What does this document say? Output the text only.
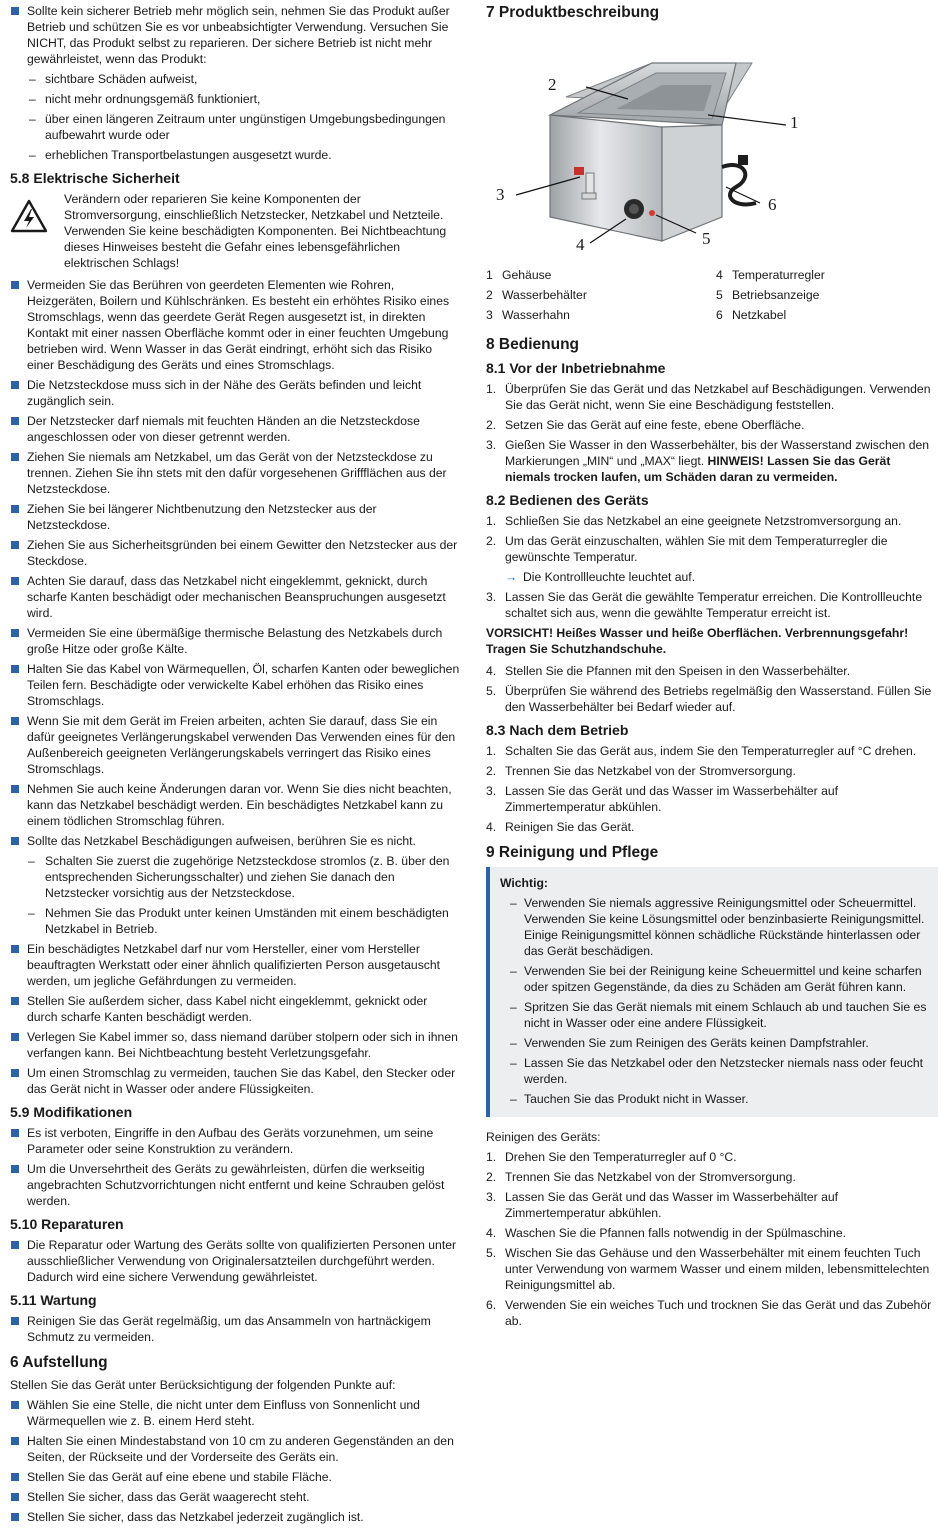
Sollte kein sicherer Betrieb mehr möglich sein, nehmen Sie das Produkt außer Betrieb und schützen Sie es vor unbeabsichtigter Verwendung. Versuchen Sie NICHT, das Produkt selbst zu reparieren. Der sichere Betrieb ist nicht mehr gewährleistet, wenn das Produkt:
– sichtbare Schäden aufweist,
– nicht mehr ordnungsgemäß funktioniert,
– über einen längeren Zeitraum unter ungünstigen Umgebungsbedingungen aufbewahrt wurde oder
– erheblichen Transportbelastungen ausgesetzt wurde.
5.8 Elektrische Sicherheit

Verändern oder reparieren Sie keine Komponenten der Stromversorgung, einschließlich Netzstecker, Netzkabel und Netzteile. Verwenden Sie keine beschädigten Komponenten. Bei Nichtbeachtung dieses Hinweises besteht die Gefahr eines lebensgefährlichen elektrischen Schlags!

Vermeiden Sie das Berühren von geerdeten Elementen wie Rohren, Heizgeräten, Boilern und Kühlschränken. Es besteht ein erhöhtes Risiko eines Stromschlags, wenn das geerdete Gerät Regen ausgesetzt ist, in direkten Kontakt mit einer nassen Oberfläche kommt oder in einer feuchten Umgebung betrieben wird. Wenn Wasser in das Gerät eindringt, erhöht sich das Risiko einer Beschädigung des Geräts und eines Stromschlags.
Die Netzsteckdose muss sich in der Nähe des Geräts befinden und leicht zugänglich sein.
Der Netzstecker darf niemals mit feuchten Händen an die Netzsteckdose angeschlossen oder von dieser getrennt werden.
Ziehen Sie niemals am Netzkabel, um das Gerät von der Netzsteckdose zu trennen. Ziehen Sie ihn stets mit den dafür vorgesehenen Griffflächen aus der Netzsteckdose.
Ziehen Sie bei längerer Nichtbenutzung den Netzstecker aus der Netzsteckdose.
Ziehen Sie aus Sicherheitsgründen bei einem Gewitter den Netzstecker aus der Steckdose.
Achten Sie darauf, dass das Netzkabel nicht eingeklemmt, geknickt, durch scharfe Kanten beschädigt oder mechanischen Beanspruchungen ausgesetzt wird.
Vermeiden Sie eine übermäßige thermische Belastung des Netzkabels durch große Hitze oder große Kälte.
Halten Sie das Kabel von Wärmequellen, Öl, scharfen Kanten oder beweglichen Teilen fern. Beschädigte oder verwickelte Kabel erhöhen das Risiko eines Stromschlags.
Wenn Sie mit dem Gerät im Freien arbeiten, achten Sie darauf, dass Sie ein dafür geeignetes Verlängerungskabel verwenden Das Verwenden eines für den Außenbereich geeigneten Verlängerungskabels verringert das Risiko eines Stromschlags.
Nehmen Sie auch keine Änderungen daran vor. Wenn Sie dies nicht beachten, kann das Netzkabel beschädigt werden. Ein beschädigtes Netzkabel kann zu einem tödlichen Stromschlag führen.
Sollte das Netzkabel Beschädigungen aufweisen, berühren Sie es nicht.
– Schalten Sie zuerst die zugehörige Netzsteckdose stromlos (z. B. über den entsprechenden Sicherungsschalter) und ziehen Sie danach den Netzstecker vorsichtig aus der Netzsteckdose.
– Nehmen Sie das Produkt unter keinen Umständen mit einem beschädigten Netzkabel in Betrieb.
Ein beschädigtes Netzkabel darf nur vom Hersteller, einer vom Hersteller beauftragten Werkstatt oder einer ähnlich qualifizierten Person ausgetauscht werden, um jegliche Gefährdungen zu vermeiden.
Stellen Sie außerdem sicher, dass Kabel nicht eingeklemmt, geknickt oder durch scharfe Kanten beschädigt werden.
Verlegen Sie Kabel immer so, dass niemand darüber stolpern oder sich in ihnen verfangen kann. Bei Nichtbeachtung besteht Verletzungsgefahr.
Um einen Stromschlag zu vermeiden, tauchen Sie das Kabel, den Stecker oder das Gerät nicht in Wasser oder andere Flüssigkeiten.
5.9 Modifikationen
Es ist verboten, Eingriffe in den Aufbau des Geräts vorzunehmen, um seine Parameter oder seine Konstruktion zu verändern.
Um die Unversehrtheit des Geräts zu gewährleisten, dürfen die werkseitig angebrachten Schutzvorrichtungen nicht entfernt und keine Schrauben gelöst werden.
5.10 Reparaturen
Die Reparatur oder Wartung des Geräts sollte von qualifizierten Personen unter ausschließlicher Verwendung von Originalersatzteilen durchgeführt werden. Dadurch wird eine sichere Verwendung gewährleistet.
5.11 Wartung
Reinigen Sie das Gerät regelmäßig, um das Ansammeln von hartnäckigem Schmutz zu vermeiden.
6 Aufstellung

Stellen Sie das Gerät unter Berücksichtigung der folgenden Punkte auf:

Wählen Sie eine Stelle, die nicht unter dem Einfluss von Sonnenlicht und Wärmequellen wie z. B. einem Herd steht.
Halten Sie einen Mindestabstand von 10 cm zu anderen Gegenständen an den Seiten, der Rückseite und der Vorderseite des Geräts ein.
Stellen Sie das Gerät auf eine ebene und stabile Fläche.
Stellen Sie sicher, dass das Gerät waagerecht steht.
Stellen Sie sicher, dass das Netzkabel jederzeit zugänglich ist.
7 Produktbeschreibung
1
2
3
4	5
6
1 Gehäuse	4 Temperaturregler
2 Wasserbehälter	5 Betriebsanzeige
3 Wasserhahn	6 Netzkabel
8 Bedienung
8.1 Vor der Inbetriebnahme
1. Überprüfen Sie das Gerät und das Netzkabel auf Beschädigungen. Verwenden Sie das Gerät nicht, wenn Sie eine Beschädigung feststellen.
2. Setzen Sie das Gerät auf eine feste, ebene Oberfläche.
3. Gießen Sie Wasser in den Wasserbehälter, bis der Wasserstand zwischen den Markierungen „MIN“ und „MAX“ liegt. HINWEIS! Lassen Sie das Gerät niemals trocken laufen, um Schäden daran zu vermeiden.
8.2 Bedienen des Geräts
1. Schließen Sie das Netzkabel an eine geeignete Netzstromversorgung an.
2. Um das Gerät einzuschalten, wählen Sie mit dem Temperaturregler die gewünschte Temperatur.
→ Die Kontrollleuchte leuchtet auf.
3. Lassen Sie das Gerät die gewählte Temperatur erreichen. Die Kontrollleuchte schaltet sich aus, wenn die gewählte Temperatur erreicht ist.

VORSICHT! Heißes Wasser und heiße Oberflächen. Verbrennungsgefahr! Tragen Sie Schutzhandschuhe.

4. Stellen Sie die Pfannen mit den Speisen in den Wasserbehälter.
5. Überprüfen Sie während des Betriebs regelmäßig den Wasserstand. Füllen Sie den Wasserbehälter bei Bedarf wieder auf.
8.3 Nach dem Betrieb
1. Schalten Sie das Gerät aus, indem Sie den Temperaturregler auf °C drehen.
2. Trennen Sie das Netzkabel von der Stromversorgung.
3. Lassen Sie das Gerät und das Wasser im Wasserbehälter auf Zimmertemperatur abkühlen.
4. Reinigen Sie das Gerät.
9 Reinigung und Pflege
Wichtig:
– Verwenden Sie niemals aggressive Reinigungsmittel oder Scheuermittel. Verwenden Sie keine Lösungsmittel oder benzinbasierte Reinigungsmittel. Einige Reinigungsmittel können schädliche Rückstände hinterlassen oder das Gerät beschädigen.
– Verwenden Sie bei der Reinigung keine Scheuermittel und keine scharfen oder spitzen Gegenstände, da dies zu Schäden am Gerät führen kann.
– Spritzen Sie das Gerät niemals mit einem Schlauch ab und tauchen Sie es nicht in Wasser oder eine andere Flüssigkeit.
– Verwenden Sie zum Reinigen des Geräts keinen Dampfstrahler.
– Lassen Sie das Netzkabel oder den Netzstecker niemals nass oder feucht werden.
– Tauchen Sie das Produkt nicht in Wasser.

Reinigen des Geräts:

1. Drehen Sie den Temperaturregler auf 0 °C.
2. Trennen Sie das Netzkabel von der Stromversorgung.
3. Lassen Sie das Gerät und das Wasser im Wasserbehälter auf Zimmertemperatur abkühlen.
4. Waschen Sie die Pfannen falls notwendig in der Spülmaschine.
5. Wischen Sie das Gehäuse und den Wasserbehälter mit einem feuchten Tuch unter Verwendung von warmem Wasser und einem milden, lebensmittelechten Reinigungsmittel ab.
6. Verwenden Sie ein weiches Tuch und trocknen Sie das Gerät und das Zubehör ab.
